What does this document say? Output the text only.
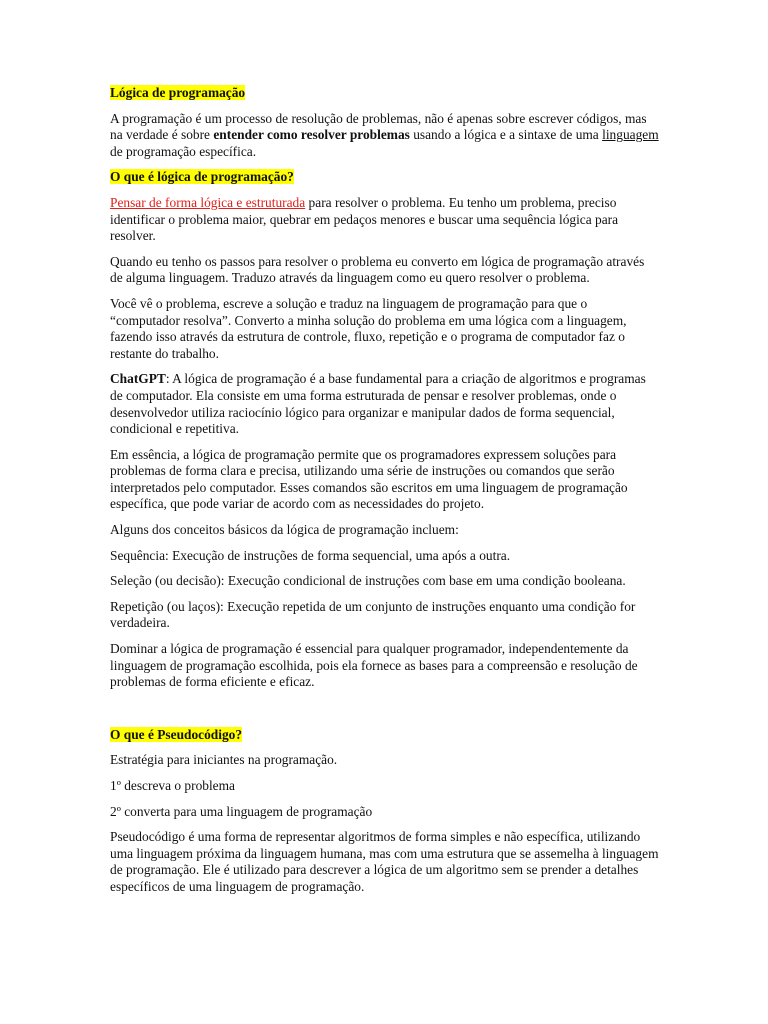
Lógica de programação

A programação é um processo de resolução de problemas, não é apenas sobre escrever códigos, mas na verdade é sobre entender como resolver problemas usando a lógica e a sintaxe de uma linguagem de programação específica.

O que é lógica de programação?

Pensar de forma lógica e estruturada para resolver o problema. Eu tenho um problema, preciso identificar o problema maior, quebrar em pedaços menores e buscar uma sequência lógica para resolver.

Quando eu tenho os passos para resolver o problema eu converto em lógica de programação através de alguma linguagem. Traduzo através da linguagem como eu quero resolver o problema.

Você vê o problema, escreve a solução e traduz na linguagem de programação para que o “computador resolva”. Converto a minha solução do problema em uma lógica com a linguagem, fazendo isso através da estrutura de controle, fluxo, repetição e o programa de computador faz o restante do trabalho.

ChatGPT: A lógica de programação é a base fundamental para a criação de algoritmos e programas de computador. Ela consiste em uma forma estruturada de pensar e resolver problemas, onde o desenvolvedor utiliza raciocínio lógico para organizar e manipular dados de forma sequencial, condicional e repetitiva.

Em essência, a lógica de programação permite que os programadores expressem soluções para problemas de forma clara e precisa, utilizando uma série de instruções ou comandos que serão interpretados pelo computador. Esses comandos são escritos em uma linguagem de programação específica, que pode variar de acordo com as necessidades do projeto.

Alguns dos conceitos básicos da lógica de programação incluem:

Sequência: Execução de instruções de forma sequencial, uma após a outra.

Seleção (ou decisão): Execução condicional de instruções com base em uma condição booleana.

Repetição (ou laços): Execução repetida de um conjunto de instruções enquanto uma condição for verdadeira.

Dominar a lógica de programação é essencial para qualquer programador, independentemente da linguagem de programação escolhida, pois ela fornece as bases para a compreensão e resolução de problemas de forma eficiente e eficaz.

O que é Pseudocódigo?

Estratégia para iniciantes na programação.

1º descreva o problema

2º converta para uma linguagem de programação

Pseudocódigo é uma forma de representar algoritmos de forma simples e não específica, utilizando uma linguagem próxima da linguagem humana, mas com uma estrutura que se assemelha à linguagem de programação. Ele é utilizado para descrever a lógica de um algoritmo sem se prender a detalhes específicos de uma linguagem de programação.
